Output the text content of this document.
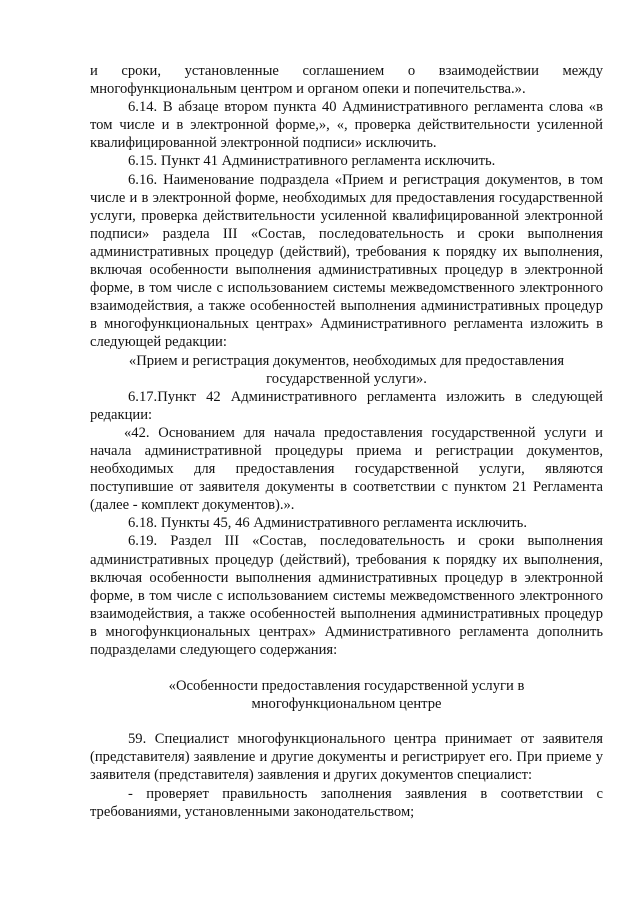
и сроки, установленные соглашением о взаимодействии между многофункциональным центром и органом опеки и попечительства.».

6.14. В абзаце втором пункта 40 Административного регламента слова «в том числе и в электронной форме,», «, проверка действительности усиленной квалифицированной электронной подписи» исключить.

6.15. Пункт 41 Административного регламента исключить.

6.16. Наименование подраздела «Прием и регистрация документов, в том числе и в электронной форме, необходимых для предоставления государственной услуги, проверка действительности усиленной квалифицированной электронной подписи» раздела III «Состав, последовательность и сроки выполнения административных процедур (действий), требования к порядку их выполнения, включая особенности выполнения административных процедур в электронной форме, в том числе с использованием системы межведомственного электронного взаимодействия, а также особенностей выполнения административных процедур в многофункциональных центрах» Административного регламента изложить в следующей редакции:

«Прием и регистрация документов, необходимых для предоставления государственной услуги».

6.17.Пункт 42 Административного регламента изложить в следующей редакции:

«42. Основанием для начала предоставления государственной услуги и начала административной процедуры приема и регистрации документов, необходимых для предоставления государственной услуги, являются поступившие от заявителя документы в соответствии с пунктом 21 Регламента (далее - комплект документов).».

6.18. Пункты 45, 46 Административного регламента исключить.

6.19. Раздел III «Состав, последовательность и сроки выполнения административных процедур (действий), требования к порядку их выполнения, включая особенности выполнения административных процедур в электронной форме, в том числе с использованием системы межведомственного электронного взаимодействия, а также особенностей выполнения административных процедур в многофункциональных центрах» Административного регламента дополнить подразделами следующего содержания:

«Особенности предоставления государственной услуги в многофункциональном центре

59. Специалист многофункционального центра принимает от заявителя (представителя) заявление и другие документы и регистрирует его. При приеме у заявителя (представителя) заявления и других документов специалист:

- проверяет правильность заполнения заявления в соответствии с требованиями, установленными законодательством;
